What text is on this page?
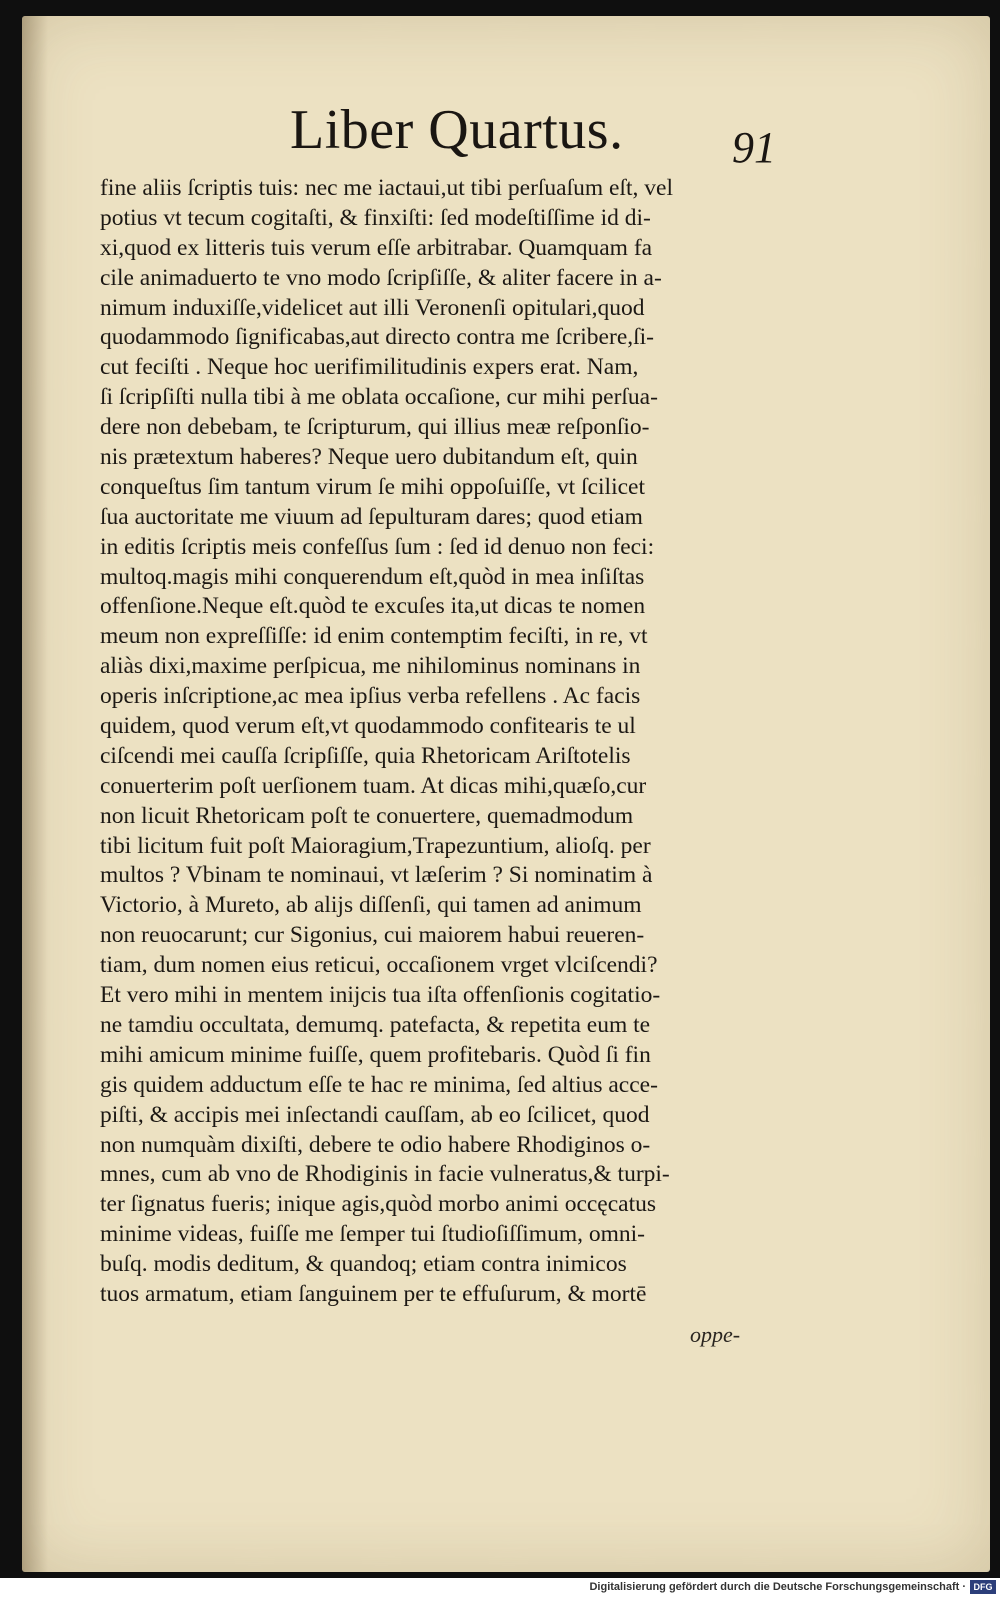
Liber Quartus. 91
fine aliis ſcriptis tuis: nec me iactaui,ut tibi perſuaſum eſt, vel
potius vt tecum cogitaſti, & finxiſti: ſed modeſtiſſime id di-
xi,quod ex litteris tuis verum eſſe arbitrabar. Quamquam fa
cile animaduerto te vno modo ſcripſiſſe, & aliter facere in a-
nimum induxiſſe,videlicet aut illi Veronenſi opitulari,quod
quodammodo ſignificabas,aut directo contra me ſcribere,ſi-
cut feciſti . Neque hoc uerifimilitudinis expers erat. Nam,
ſi ſcripſiſti nulla tibi à me oblata occaſione, cur mihi perſua-
dere non debebam, te ſcripturum, qui illius meæ reſponſio-
nis prætextum haberes? Neque uero dubitandum eſt, quin
conqueſtus ſim tantum virum ſe mihi oppoſuiſſe, vt ſcilicet
ſua auctoritate me viuum ad ſepulturam dares; quod etiam
in editis ſcriptis meis confeſſus ſum : ſed id denuo non feci:
multoq.magis mihi conquerendum eſt,quòd in mea inſiſtas
offenſione.Neque eſt.quòd te excuſes ita,ut dicas te nomen
meum non expreſſiſſe: id enim contemptim feciſti, in re, vt
aliàs dixi,maxime perſpicua, me nihilominus nominans in
operis inſcriptione,ac mea ipſius verba refellens . Ac facis
quidem, quod verum eſt,vt quodammodo confitearis te ul
ciſcendi mei cauſſa ſcripſiſſe, quia Rhetoricam Ariſtotelis
conuerterim poſt uerſionem tuam. At dicas mihi,quæſo,cur
non licuit Rhetoricam poſt te conuertere, quemadmodum
tibi licitum fuit poſt Maioragium,Trapezuntium, alioſq. per
multos ? Vbinam te nominaui, vt læſerim ? Si nominatim à
Victorio, à Mureto, ab alijs diſſenſi, qui tamen ad animum
non reuocarunt; cur Sigonius, cui maiorem habui reueren-
tiam, dum nomen eius reticui, occaſionem vrget vlciſcendi?
Et vero mihi in mentem inijcis tua iſta offenſionis cogitatio-
ne tamdiu occultata, demumq. patefacta, & repetita eum te
mihi amicum minime fuiſſe, quem profitebaris. Quòd ſi fin
gis quidem adductum eſſe te hac re minima, ſed altius acce-
piſti, & accipis mei inſectandi cauſſam, ab eo ſcilicet, quod
non numquàm dixiſti, debere te odio habere Rhodiginos o-
mnes, cum ab vno de Rhodiginis in facie vulneratus,& turpi-
ter ſignatus fueris; inique agis,quòd morbo animi occęcatus
minime videas, fuiſſe me ſemper tui ſtudioſiſſimum, omni-
buſq. modis deditum, & quandoq; etiam contra inimicos
tuos armatum, etiam ſanguinem per te effuſurum, & mortē
oppe-
Digitalisierung gefördert durch die Deutsche Forschungsgemeinschaft · DFG
